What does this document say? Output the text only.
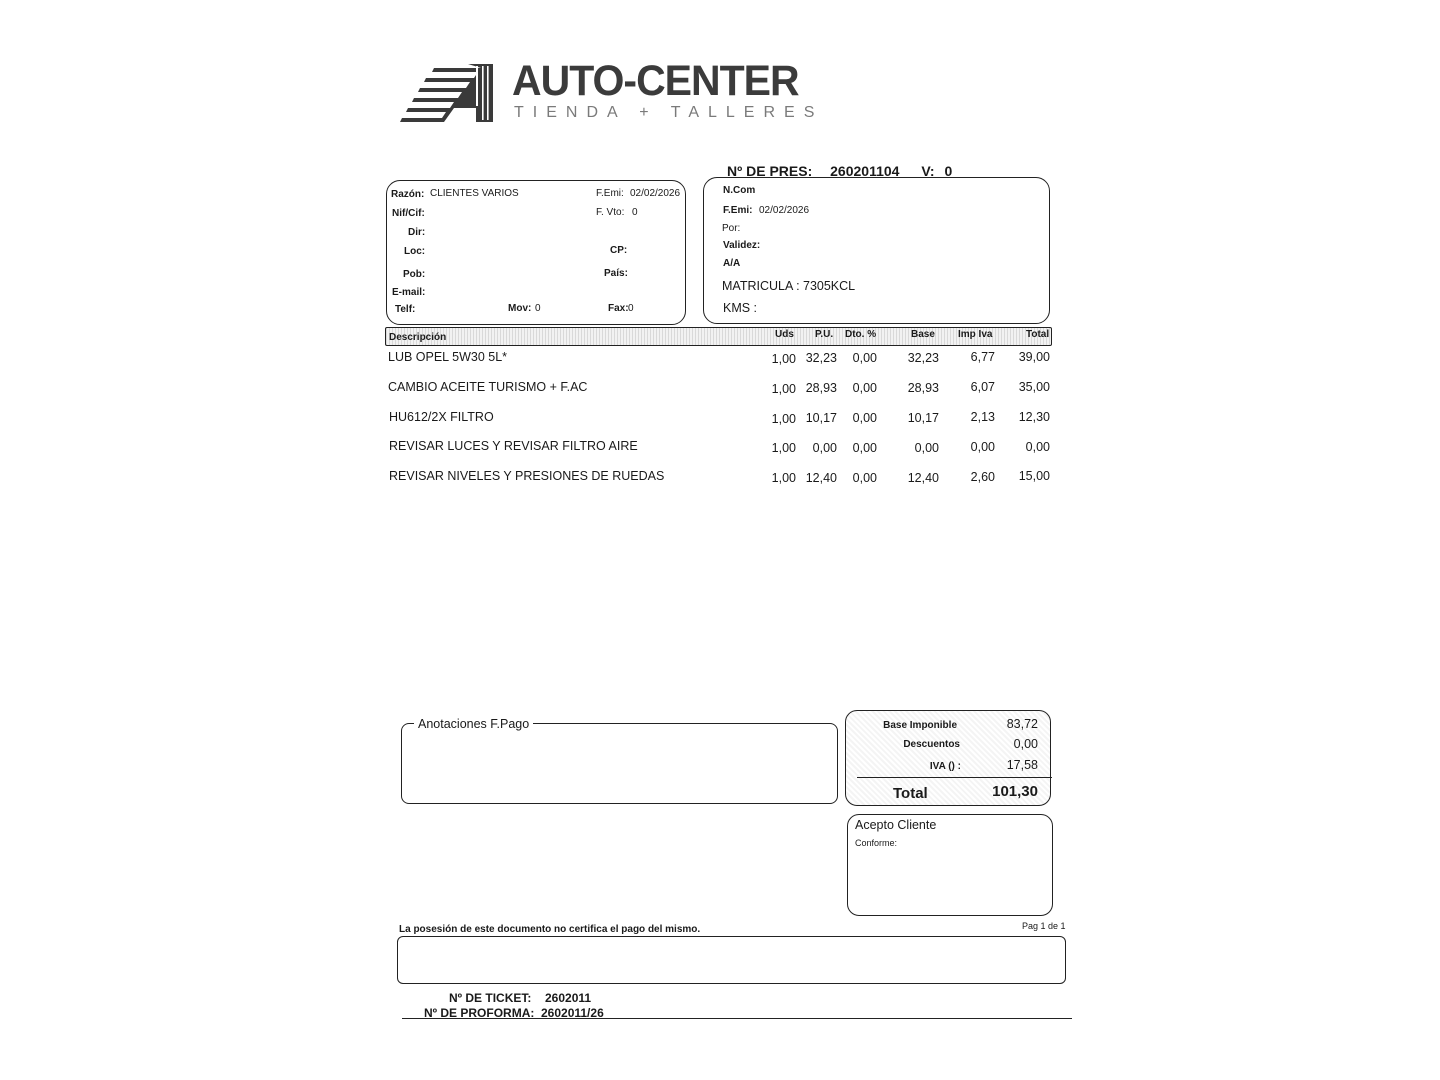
AUTO-CENTER
TIENDA + TALLERES
Nº DE PRES: 260201104 V: 0
Razón: CLIENTES VARIOS	F.Emi: 02/02/2026
Nif/Cif:	F. Vto: 0
Dir:
Loc:	CP:
Pob:	País:
E-mail:
Telf:	Mov: 0	Fax: 0
N.Com
F.Emi: 02/02/2026
Por:
Validez:
A/A
MATRICULA : 7305KCL
KMS :
Descripción	Uds P.U. Dto. %	Base Imp Iva	Total
LUB OPEL 5W30 5L*	1,00 32,23	0,00	32,23	6,77	39,00
CAMBIO ACEITE TURISMO + F.AC	1,00 28,93	0,00	28,93	6,07	35,00
HU612/2X FILTRO	1,00 10,17	0,00	10,17	2,13	12,30
REVISAR LUCES Y REVISAR FILTRO AIRE	1,00	0,00	0,00	0,00	0,00	0,00
REVISAR NIVELES Y PRESIONES DE RUEDAS	1,00 12,40	0,00	12,40	2,60	15,00
Anotaciones F.Pago	Base Imponible	83,72
Descuentos	0,00
IVA () :	17,58
Total	101,30
Acepto Cliente
Conforme:
La posesión de este documento no certifica el pago del mismo.	Pag 1 de 1
Nº DE TICKET: 2602011
Nº DE PROFORMA: 2602011/26
